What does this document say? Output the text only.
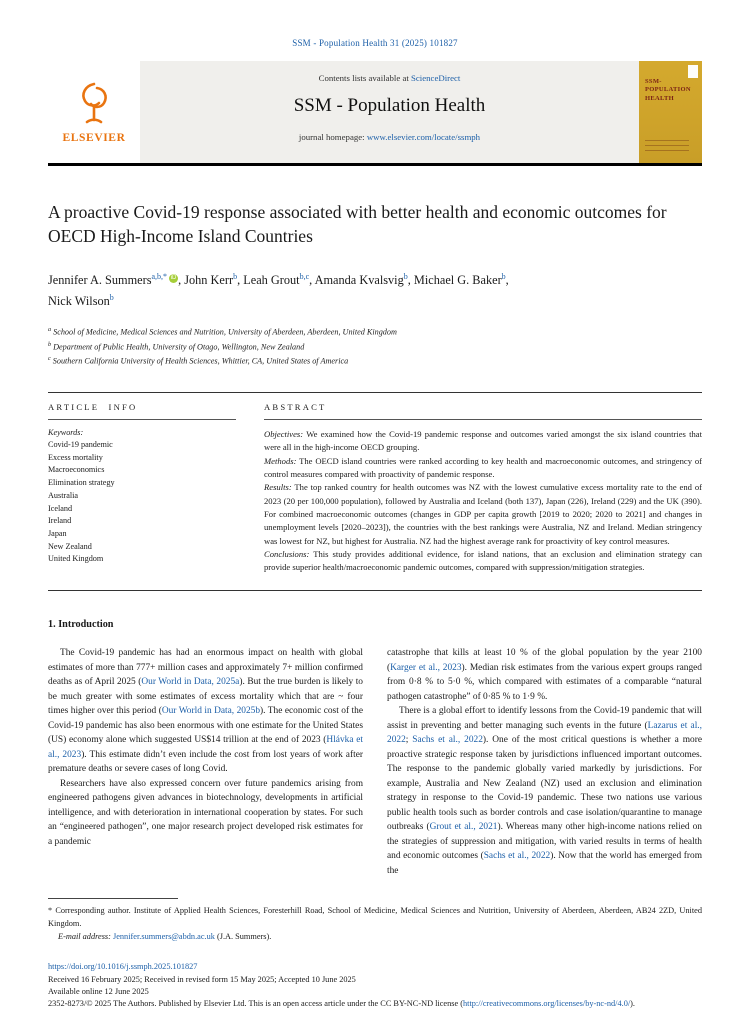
SSM - Population Health 31 (2025) 101827
ELSEVIER
Contents lists available at ScienceDirect
SSM - Population Health
journal homepage: www.elsevier.com/locate/ssmph
SSM- POPULATION HEALTH
A proactive Covid-19 response associated with better health and economic outcomes for OECD High-Income Island Countries
Jennifer A. Summers$^{a,b,*}$ iD , John Kerr$^b$, Leah Grout$^{b,c}$, Amanda Kvalsvig$^b$, Michael G. Baker$^b$,
Nick Wilson$^b$
$^a$ School of Medicine, Medical Sciences and Nutrition, University of Aberdeen, Aberdeen, United Kingdom
$^b$ Department of Public Health, University of Otago, Wellington, New Zealand
$^c$ Southern California University of Health Sciences, Whittier, CA, United States of America
ARTICLE INFO
Keywords:
Covid-19 pandemic
Excess mortality
Macroeconomics
Elimination strategy
Australia
Iceland
Ireland
Japan
New Zealand
United Kingdom
ABSTRACT

Objectives: We examined how the Covid-19 pandemic response and outcomes varied amongst the six island countries that were all in the high-income OECD grouping.

Methods: The OECD island countries were ranked according to key health and macroeconomic outcomes, and stringency of control measures compared with proactivity of pandemic response.

Results: The top ranked country for health outcomes was NZ with the lowest cumulative excess mortality rate to the end of 2023 (20 per 100,000 population), followed by Australia and Iceland (both 137), Japan (226), Ireland (229) and the UK (390). For combined macroeconomic outcomes (changes in GDP per capita growth [2019 to 2020; 2020 to 2021] and changes in unemployment levels [2020–2023]), the countries with the best rankings were Australia, NZ and Ireland. Median stringency was lowest for NZ, but highest for Australia. NZ had the highest average rank for proactivity of key control measures.

Conclusions: This study provides additional evidence, for island nations, that an exclusion and elimination strategy can provide superior health/macroeconomic pandemic outcomes, compared with suppression/mitigation strategies.

1. Introduction

The Covid-19 pandemic has had an enormous impact on health with global estimates of more than 777+ million cases and approximately 7+ million confirmed deaths as of April 2025 (Our World in Data, 2025a). But the true burden is likely to be much greater with some estimates of excess mortality which that are ~ four times higher over this period (Our World in Data, 2025b). The economic cost of the Covid-19 pandemic has also been enormous with one estimate for the United States (US) economy alone which suggested US$14 trillion at the end of 2023 (Hlávka et al., 2023). This estimate didn’t even include the cost from lost years of work after premature deaths or severe cases of long Covid.

Researchers have also expressed concern over future pandemics arising from engineered pathogens given advances in biotechnology, developments in artificial intelligence, and with deterioration in international cooperation by states. For such an “engineered pathogen”, one major research project developed risk estimates for a pandemic

catastrophe that kills at least 10 % of the global population by the year 2100 (Karger et al., 2023). Median risk estimates from the various expert groups ranged from 0·8 % to 5·0 %, which compared with estimates of a comparable “natural pathogen catastrophe” of 0·85 % to 1·9 %.

There is a global effort to identify lessons from the Covid-19 pandemic that will assist in preventing and better managing such events in the future (Lazarus et al., 2022; Sachs et al., 2022). One of the most critical questions is whether a more proactive strategic response taken by jurisdictions influenced important outcomes. The response to the pandemic globally varied markedly by jurisdictions. For example, Australia and New Zealand (NZ) used an exclusion and elimination strategy in response to the Covid-19 pandemic. These two nations use various public health tools such as border controls and case isolation/quarantine to manage outbreaks (Grout et al., 2021). Whereas many other high-income nations relied on the strategies of suppression and mitigation, with varied results in terms of health and economic outcomes (Sachs et al., 2022). Now that the world has emerged from the

* Corresponding author. Institute of Applied Health Sciences, Foresterhill Road, School of Medicine, Medical Sciences and Nutrition, University of Aberdeen, Aberdeen, AB24 2ZD, United Kingdom.
E-mail address: Jennifer.summers@abdn.ac.uk (J.A. Summers).
https://doi.org/10.1016/j.ssmph.2025.101827
Received 16 February 2025; Received in revised form 15 May 2025; Accepted 10 June 2025
Available online 12 June 2025
2352-8273/© 2025 The Authors. Published by Elsevier Ltd. This is an open access article under the CC BY-NC-ND license (http://creativecommons.org/licenses/by-nc-nd/4.0/).
